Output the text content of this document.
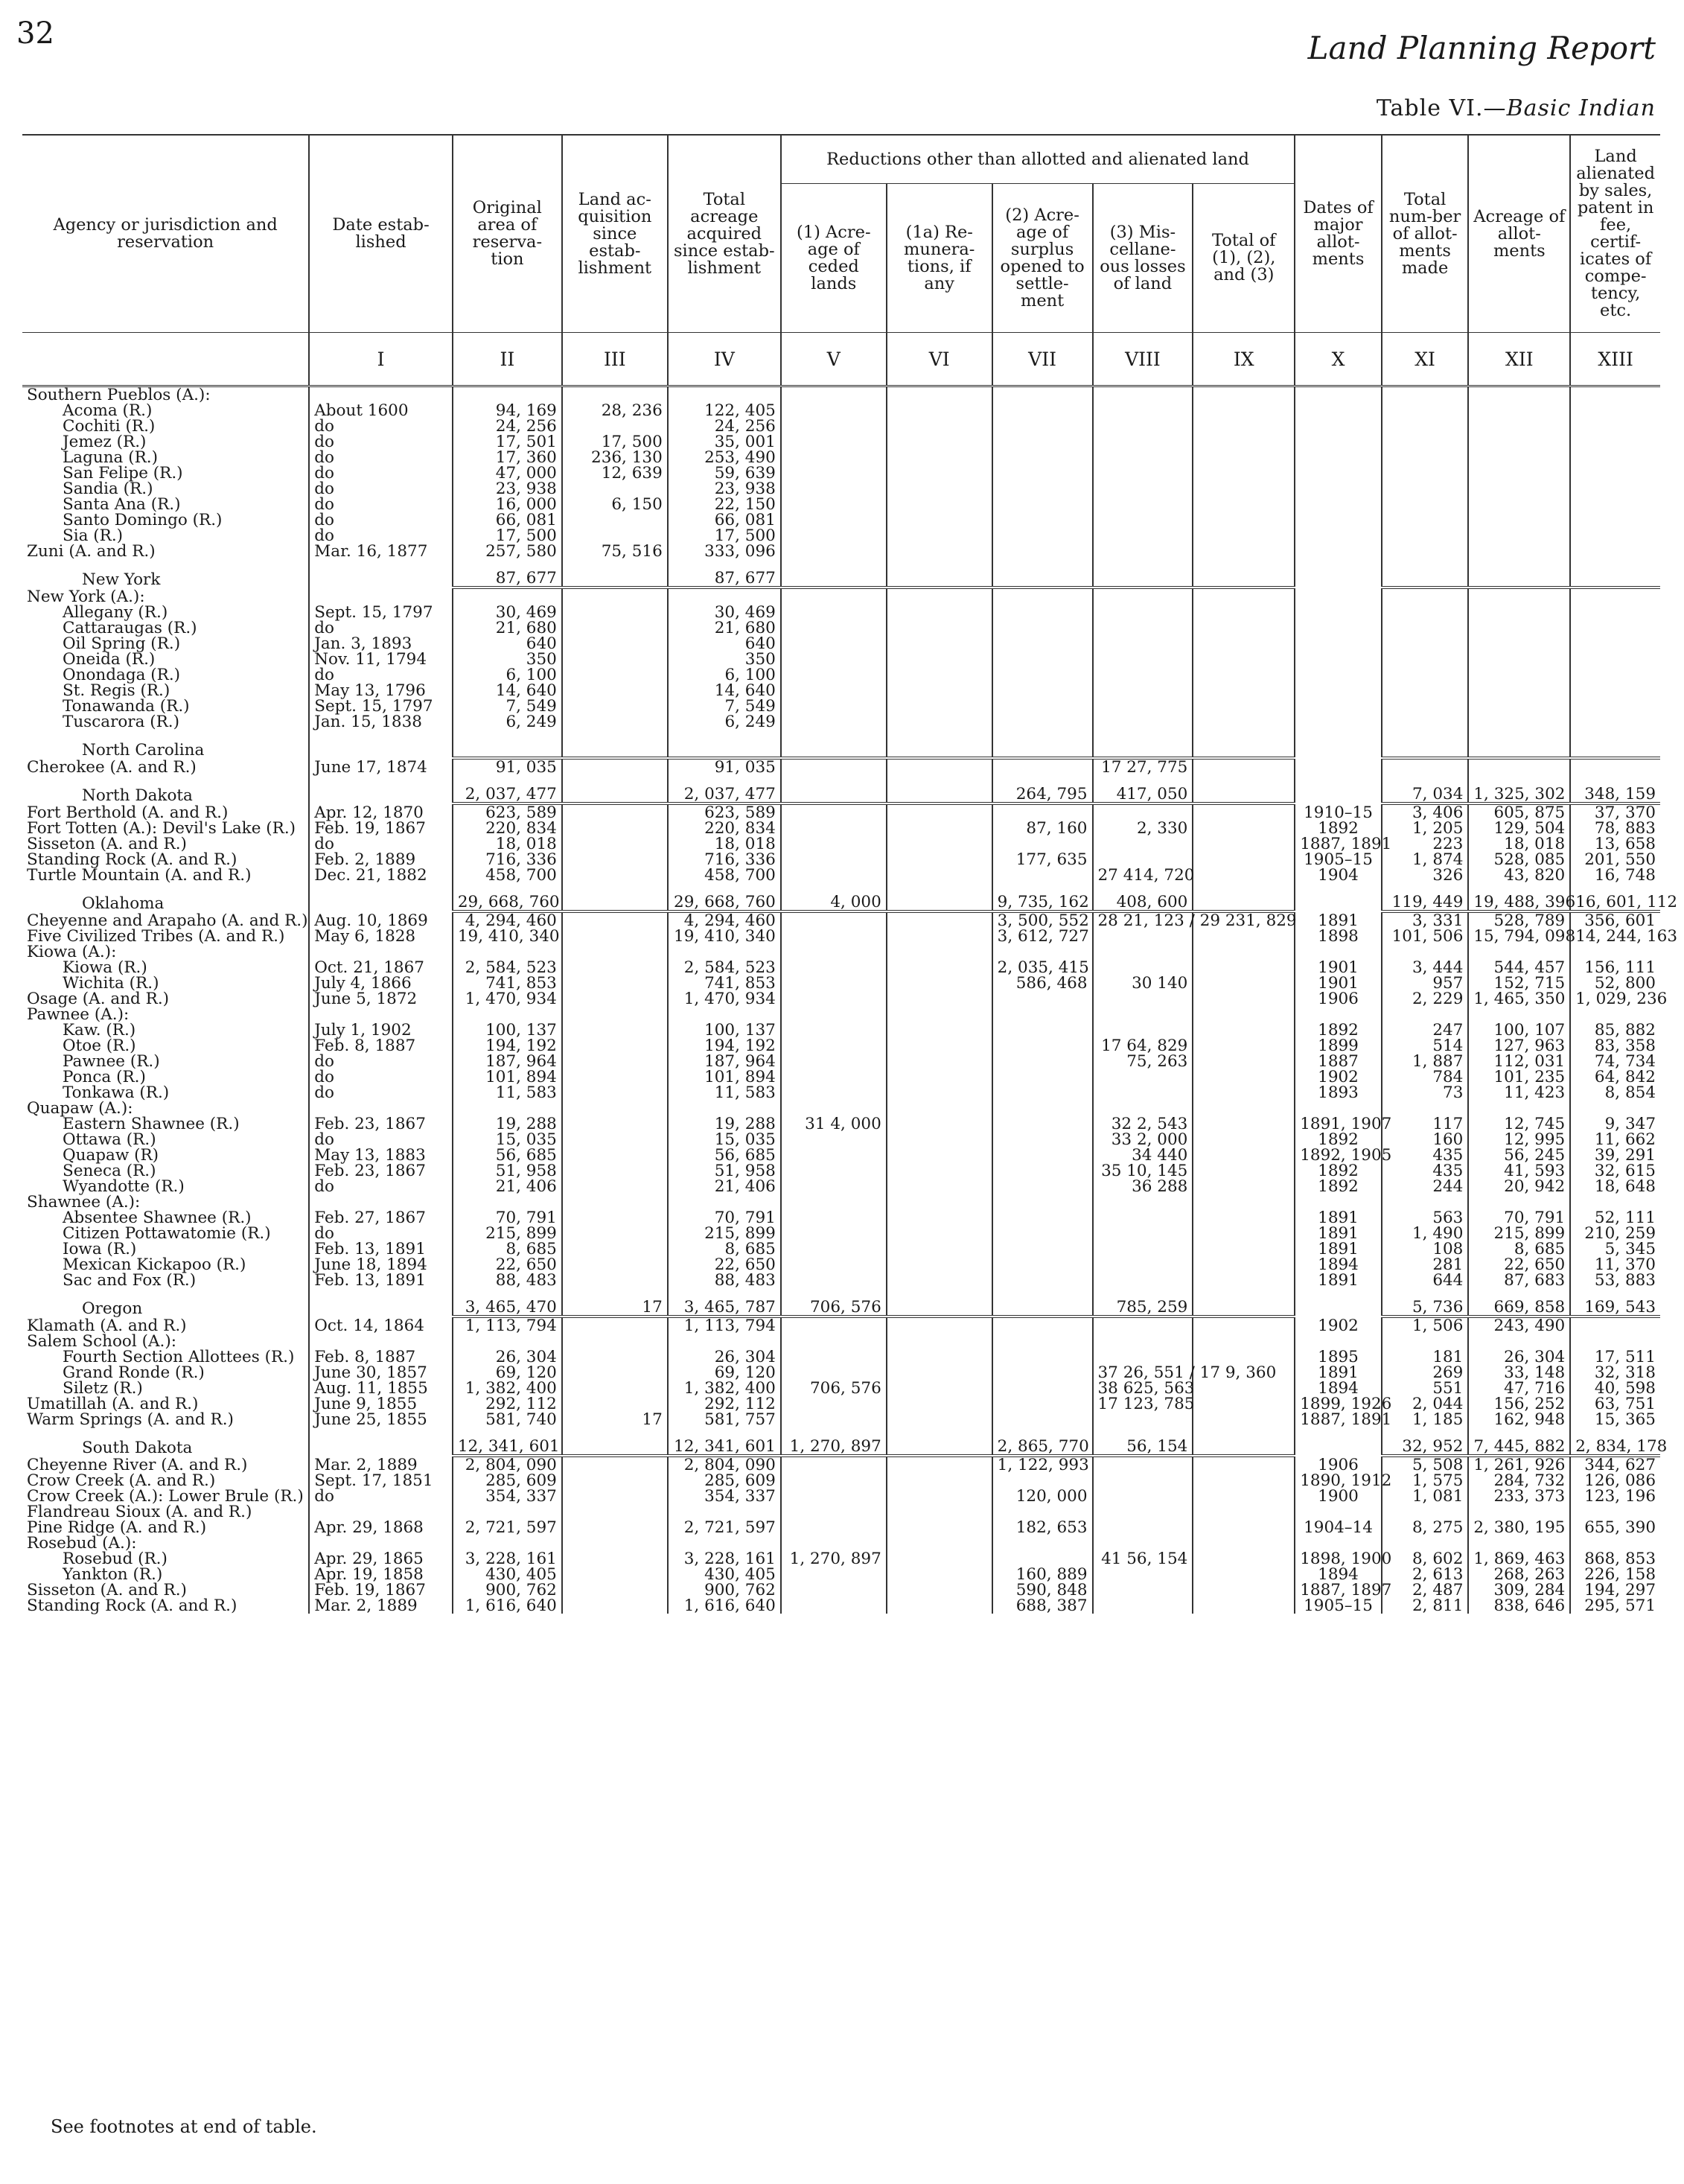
32	Land Planning Report
Table VI.—Basic Indian
Agency or jurisdiction and reservation	Date estab-lished	Original area of reserva-tion	Land ac-quisition since estab-lishment	Total acreage acquired since estab-lishment	Reductions other than allotted and alienated land					Dates of major allot-ments	Total num-ber of allot-ments made	Acreage of allot-ments	Land alienated by sales, patent in fee, certif-icates of compe-tency, etc.
					(1) Acre-age of ceded lands	(1a) Re-munera-tions, if any	(2) Acre-age of surplus opened to settle-ment	(3) Mis-cellane-ous losses of land	Total of (1), (2), and (3)				
	I	II	III	IV	V	VI	VII	VIII	IX	X	XI	XII	XIII
Southern Pueblos (A.):													
Acoma (R.)	About 1600	94, 169	28, 236	122, 405									
Cochiti (R.)	do	24, 256		24, 256									
Jemez (R.)	do	17, 501	17, 500	35, 001									
Laguna (R.)	do	17, 360	236, 130	253, 490									
San Felipe (R.)	do	47, 000	12, 639	59, 639									
Sandia (R.)	do	23, 938		23, 938									
Santa Ana (R.)	do	16, 000	6, 150	22, 150									
Santo Domingo (R.)	do	66, 081		66, 081									
Sia (R.)	do	17, 500		17, 500									
Zuni (A. and R.)	Mar. 16, 1877	257, 580	75, 516	333, 096									
New York		87, 677		87, 677									
New York (A.):													
Allegany (R.)	Sept. 15, 1797	30, 469		30, 469									
Cattaraugas (R.)	do	21, 680		21, 680									
Oil Spring (R.)	Jan. 3, 1893	640		640									
Oneida (R.)	Nov. 11, 1794	350		350									
Onondaga (R.)	do	6, 100		6, 100									
St. Regis (R.)	May 13, 1796	14, 640		14, 640									
Tonawanda (R.)	Sept. 15, 1797	7, 549		7, 549									
Tuscarora (R.)	Jan. 15, 1838	6, 249		6, 249									
North Carolina													
Cherokee (A. and R.)	June 17, 1874	91, 035		91, 035				17 27, 775					
North Dakota		2, 037, 477		2, 037, 477			264, 795	417, 050			7, 034	1, 325, 302	348, 159
Fort Berthold (A. and R.)	Apr. 12, 1870	623, 589		623, 589						1910–15	3, 406	605, 875	37, 370
Fort Totten (A.): Devil's Lake (R.)	Feb. 19, 1867	220, 834		220, 834			87, 160	2, 330		1892	1, 205	129, 504	78, 883
Sisseton (A. and R.)	do	18, 018		18, 018						1887, 1891	223	18, 018	13, 658
Standing Rock (A. and R.)	Feb. 2, 1889	716, 336		716, 336			177, 635			1905–15	1, 874	528, 085	201, 550
Turtle Mountain (A. and R.)	Dec. 21, 1882	458, 700		458, 700				27 414, 720		1904	326	43, 820	16, 748
Oklahoma		29, 668, 760		29, 668, 760	4, 000		9, 735, 162	408, 600			119, 449	19, 488, 396	16, 601, 112
Cheyenne and Arapaho (A. and R.)	Aug. 10, 1869	4, 294, 460		4, 294, 460			3, 500, 552	28 21, 123 / 29 231, 829		1891	3, 331	528, 789	356, 601
Five Civilized Tribes (A. and R.)	May 6, 1828	19, 410, 340		19, 410, 340			3, 612, 727			1898	101, 506	15, 794, 098	14, 244, 163
Kiowa (A.):													
Kiowa (R.)	Oct. 21, 1867	2, 584, 523		2, 584, 523			2, 035, 415			1901	3, 444	544, 457	156, 111
Wichita (R.)	July 4, 1866	741, 853		741, 853			586, 468	30 140		1901	957	152, 715	52, 800
Osage (A. and R.)	June 5, 1872	1, 470, 934		1, 470, 934						1906	2, 229	1, 465, 350	1, 029, 236
Pawnee (A.):													
Kaw. (R.)	July 1, 1902	100, 137		100, 137						1892	247	100, 107	85, 882
Otoe (R.)	Feb. 8, 1887	194, 192		194, 192				17 64, 829		1899	514	127, 963	83, 358
Pawnee (R.)	do	187, 964		187, 964				75, 263		1887	1, 887	112, 031	74, 734
Ponca (R.)	do	101, 894		101, 894						1902	784	101, 235	64, 842
Tonkawa (R.)	do	11, 583		11, 583						1893	73	11, 423	8, 854
Quapaw (A.):													
Eastern Shawnee (R.)	Feb. 23, 1867	19, 288		19, 288	31 4, 000			32 2, 543		1891, 1907	117	12, 745	9, 347
Ottawa (R.)	do	15, 035		15, 035				33 2, 000		1892	160	12, 995	11, 662
Quapaw (R)	May 13, 1883	56, 685		56, 685				34 440		1892, 1905	435	56, 245	39, 291
Seneca (R.)	Feb. 23, 1867	51, 958		51, 958				35 10, 145		1892	435	41, 593	32, 615
Wyandotte (R.)	do	21, 406		21, 406				36 288		1892	244	20, 942	18, 648
Shawnee (A.):													
Absentee Shawnee (R.)	Feb. 27, 1867	70, 791		70, 791						1891	563	70, 791	52, 111
Citizen Pottawatomie (R.)	do	215, 899		215, 899						1891	1, 490	215, 899	210, 259
Iowa (R.)	Feb. 13, 1891	8, 685		8, 685						1891	108	8, 685	5, 345
Mexican Kickapoo (R.)	June 18, 1894	22, 650		22, 650						1894	281	22, 650	11, 370
Sac and Fox (R.)	Feb. 13, 1891	88, 483		88, 483						1891	644	87, 683	53, 883
Oregon		3, 465, 470	17	3, 465, 787	706, 576			785, 259			5, 736	669, 858	169, 543
Klamath (A. and R.)	Oct. 14, 1864	1, 113, 794		1, 113, 794						1902	1, 506	243, 490	
Salem School (A.):													
Fourth Section Allottees (R.)	Feb. 8, 1887	26, 304		26, 304						1895	181	26, 304	17, 511
Grand Ronde (R.)	June 30, 1857	69, 120		69, 120				37 26, 551 / 17 9, 360		1891	269	33, 148	32, 318
Siletz (R.)	Aug. 11, 1855	1, 382, 400		1, 382, 400	706, 576			38 625, 563		1894	551	47, 716	40, 598
Umatillah (A. and R.)	June 9, 1855	292, 112		292, 112				17 123, 785		1899, 1926	2, 044	156, 252	63, 751
Warm Springs (A. and R.)	June 25, 1855	581, 740	17	581, 757						1887, 1891	1, 185	162, 948	15, 365
South Dakota		12, 341, 601		12, 341, 601	1, 270, 897		2, 865, 770	56, 154			32, 952	7, 445, 882	2, 834, 178
Cheyenne River (A. and R.)	Mar. 2, 1889	2, 804, 090		2, 804, 090			1, 122, 993			1906	5, 508	1, 261, 926	344, 627
Crow Creek (A. and R.)	Sept. 17, 1851	285, 609		285, 609						1890, 1912	1, 575	284, 732	126, 086
Crow Creek (A.): Lower Brule (R.)	do	354, 337		354, 337			120, 000			1900	1, 081	233, 373	123, 196
Flandreau Sioux (A. and R.)													
Pine Ridge (A. and R.)	Apr. 29, 1868	2, 721, 597		2, 721, 597			182, 653			1904–14	8, 275	2, 380, 195	655, 390
Rosebud (A.):													
Rosebud (R.)	Apr. 29, 1865	3, 228, 161		3, 228, 161	1, 270, 897			41 56, 154		1898, 1900	8, 602	1, 869, 463	868, 853
Yankton (R.)	Apr. 19, 1858	430, 405		430, 405			160, 889			1894	2, 613	268, 263	226, 158
Sisseton (A. and R.)	Feb. 19, 1867	900, 762		900, 762			590, 848			1887, 1897	2, 487	309, 284	194, 297
Standing Rock (A. and R.)	Mar. 2, 1889	1, 616, 640		1, 616, 640			688, 387			1905–15	2, 811	838, 646	295, 571
See footnotes at end of table.
